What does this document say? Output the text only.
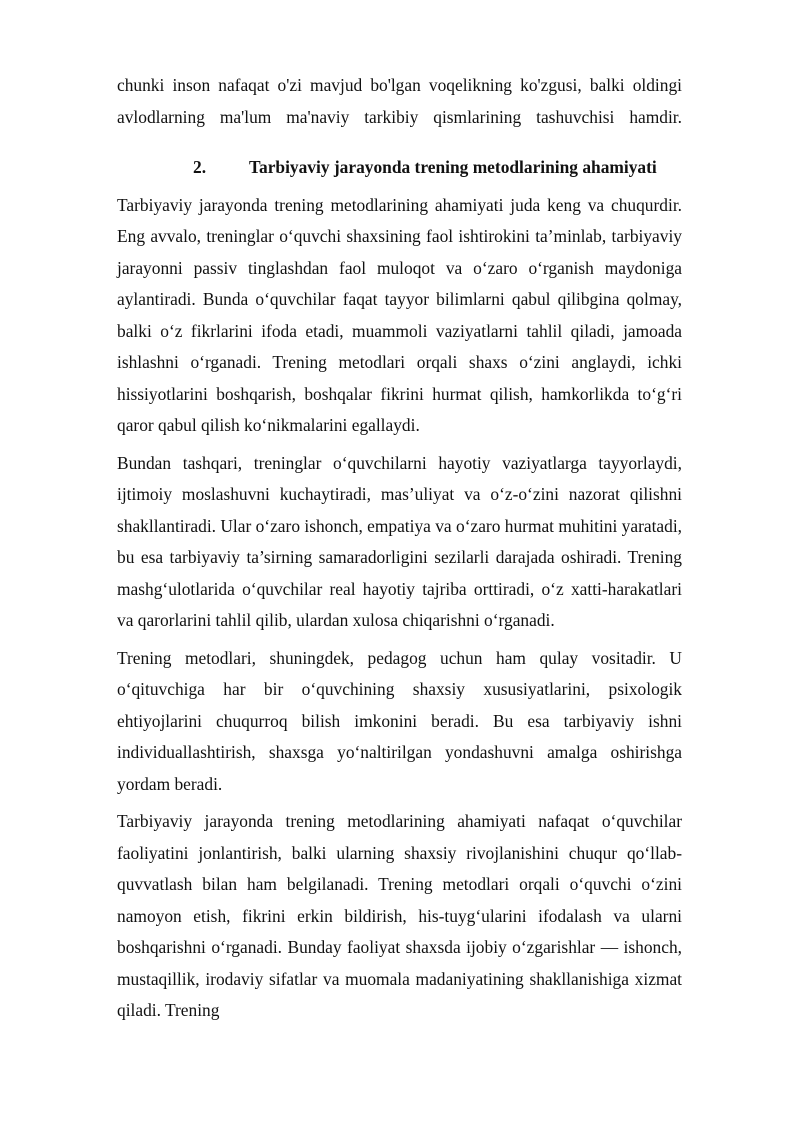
chunki inson nafaqat o'zi mavjud bo'lgan voqelikning ko'zgusi, balki oldingi
avlodlarning ma'lum ma'naviy tarkibiy qismlarining tashuvchisi hamdir.

2.	Tarbiyaviy jarayonda trening metodlarining ahamiyati

Tarbiyaviy jarayonda trening metodlarining ahamiyati juda keng va chuqurdir. Eng avvalo, treninglar o‘quvchi shaxsining faol ishtirokini ta’minlab, tarbiyaviy jarayonni passiv tinglashdan faol muloqot va o‘zaro o‘rganish maydoniga aylantiradi. Bunda o‘quvchilar faqat tayyor bilimlarni qabul qilibgina qolmay, balki o‘z fikrlarini ifoda etadi, muammoli vaziyatlarni tahlil qiladi, jamoada ishlashni o‘rganadi. Trening metodlari orqali shaxs o‘zini anglaydi, ichki hissiyotlarini boshqarish, boshqalar fikrini hurmat qilish, hamkorlikda to‘g‘ri qaror qabul qilish ko‘nikmalarini egallaydi.

Bundan tashqari, treninglar o‘quvchilarni hayotiy vaziyatlarga tayyorlaydi, ijtimoiy moslashuvni kuchaytiradi, mas’uliyat va o‘z-o‘zini nazorat qilishni shakllantiradi. Ular o‘zaro ishonch, empatiya va o‘zaro hurmat muhitini yaratadi, bu esa tarbiyaviy ta’sirning samaradorligini sezilarli darajada oshiradi. Trening mashg‘ulotlarida o‘quvchilar real hayotiy tajriba orttiradi, o‘z xatti-harakatlari va qarorlarini tahlil qilib, ulardan xulosa chiqarishni o‘rganadi.

Trening metodlari, shuningdek, pedagog uchun ham qulay vositadir. U o‘qituvchiga har bir o‘quvchining shaxsiy xususiyatlarini, psixologik ehtiyojlarini chuqurroq bilish imkonini beradi. Bu esa tarbiyaviy ishni individuallashtirish, shaxsga yo‘naltirilgan yondashuvni amalga oshirishga yordam beradi.

Tarbiyaviy jarayonda trening metodlarining ahamiyati nafaqat o‘quvchilar faoliyatini jonlantirish, balki ularning shaxsiy rivojlanishini chuqur qo‘llab-quvvatlash bilan ham belgilanadi. Trening metodlari orqali o‘quvchi o‘zini namoyon etish, fikrini erkin bildirish, his-tuyg‘ularini ifodalash va ularni boshqarishni o‘rganadi. Bunday faoliyat shaxsda ijobiy o‘zgarishlar — ishonch, mustaqillik, irodaviy sifatlar va muomala madaniyatining shakllanishiga xizmat qiladi. Trening
